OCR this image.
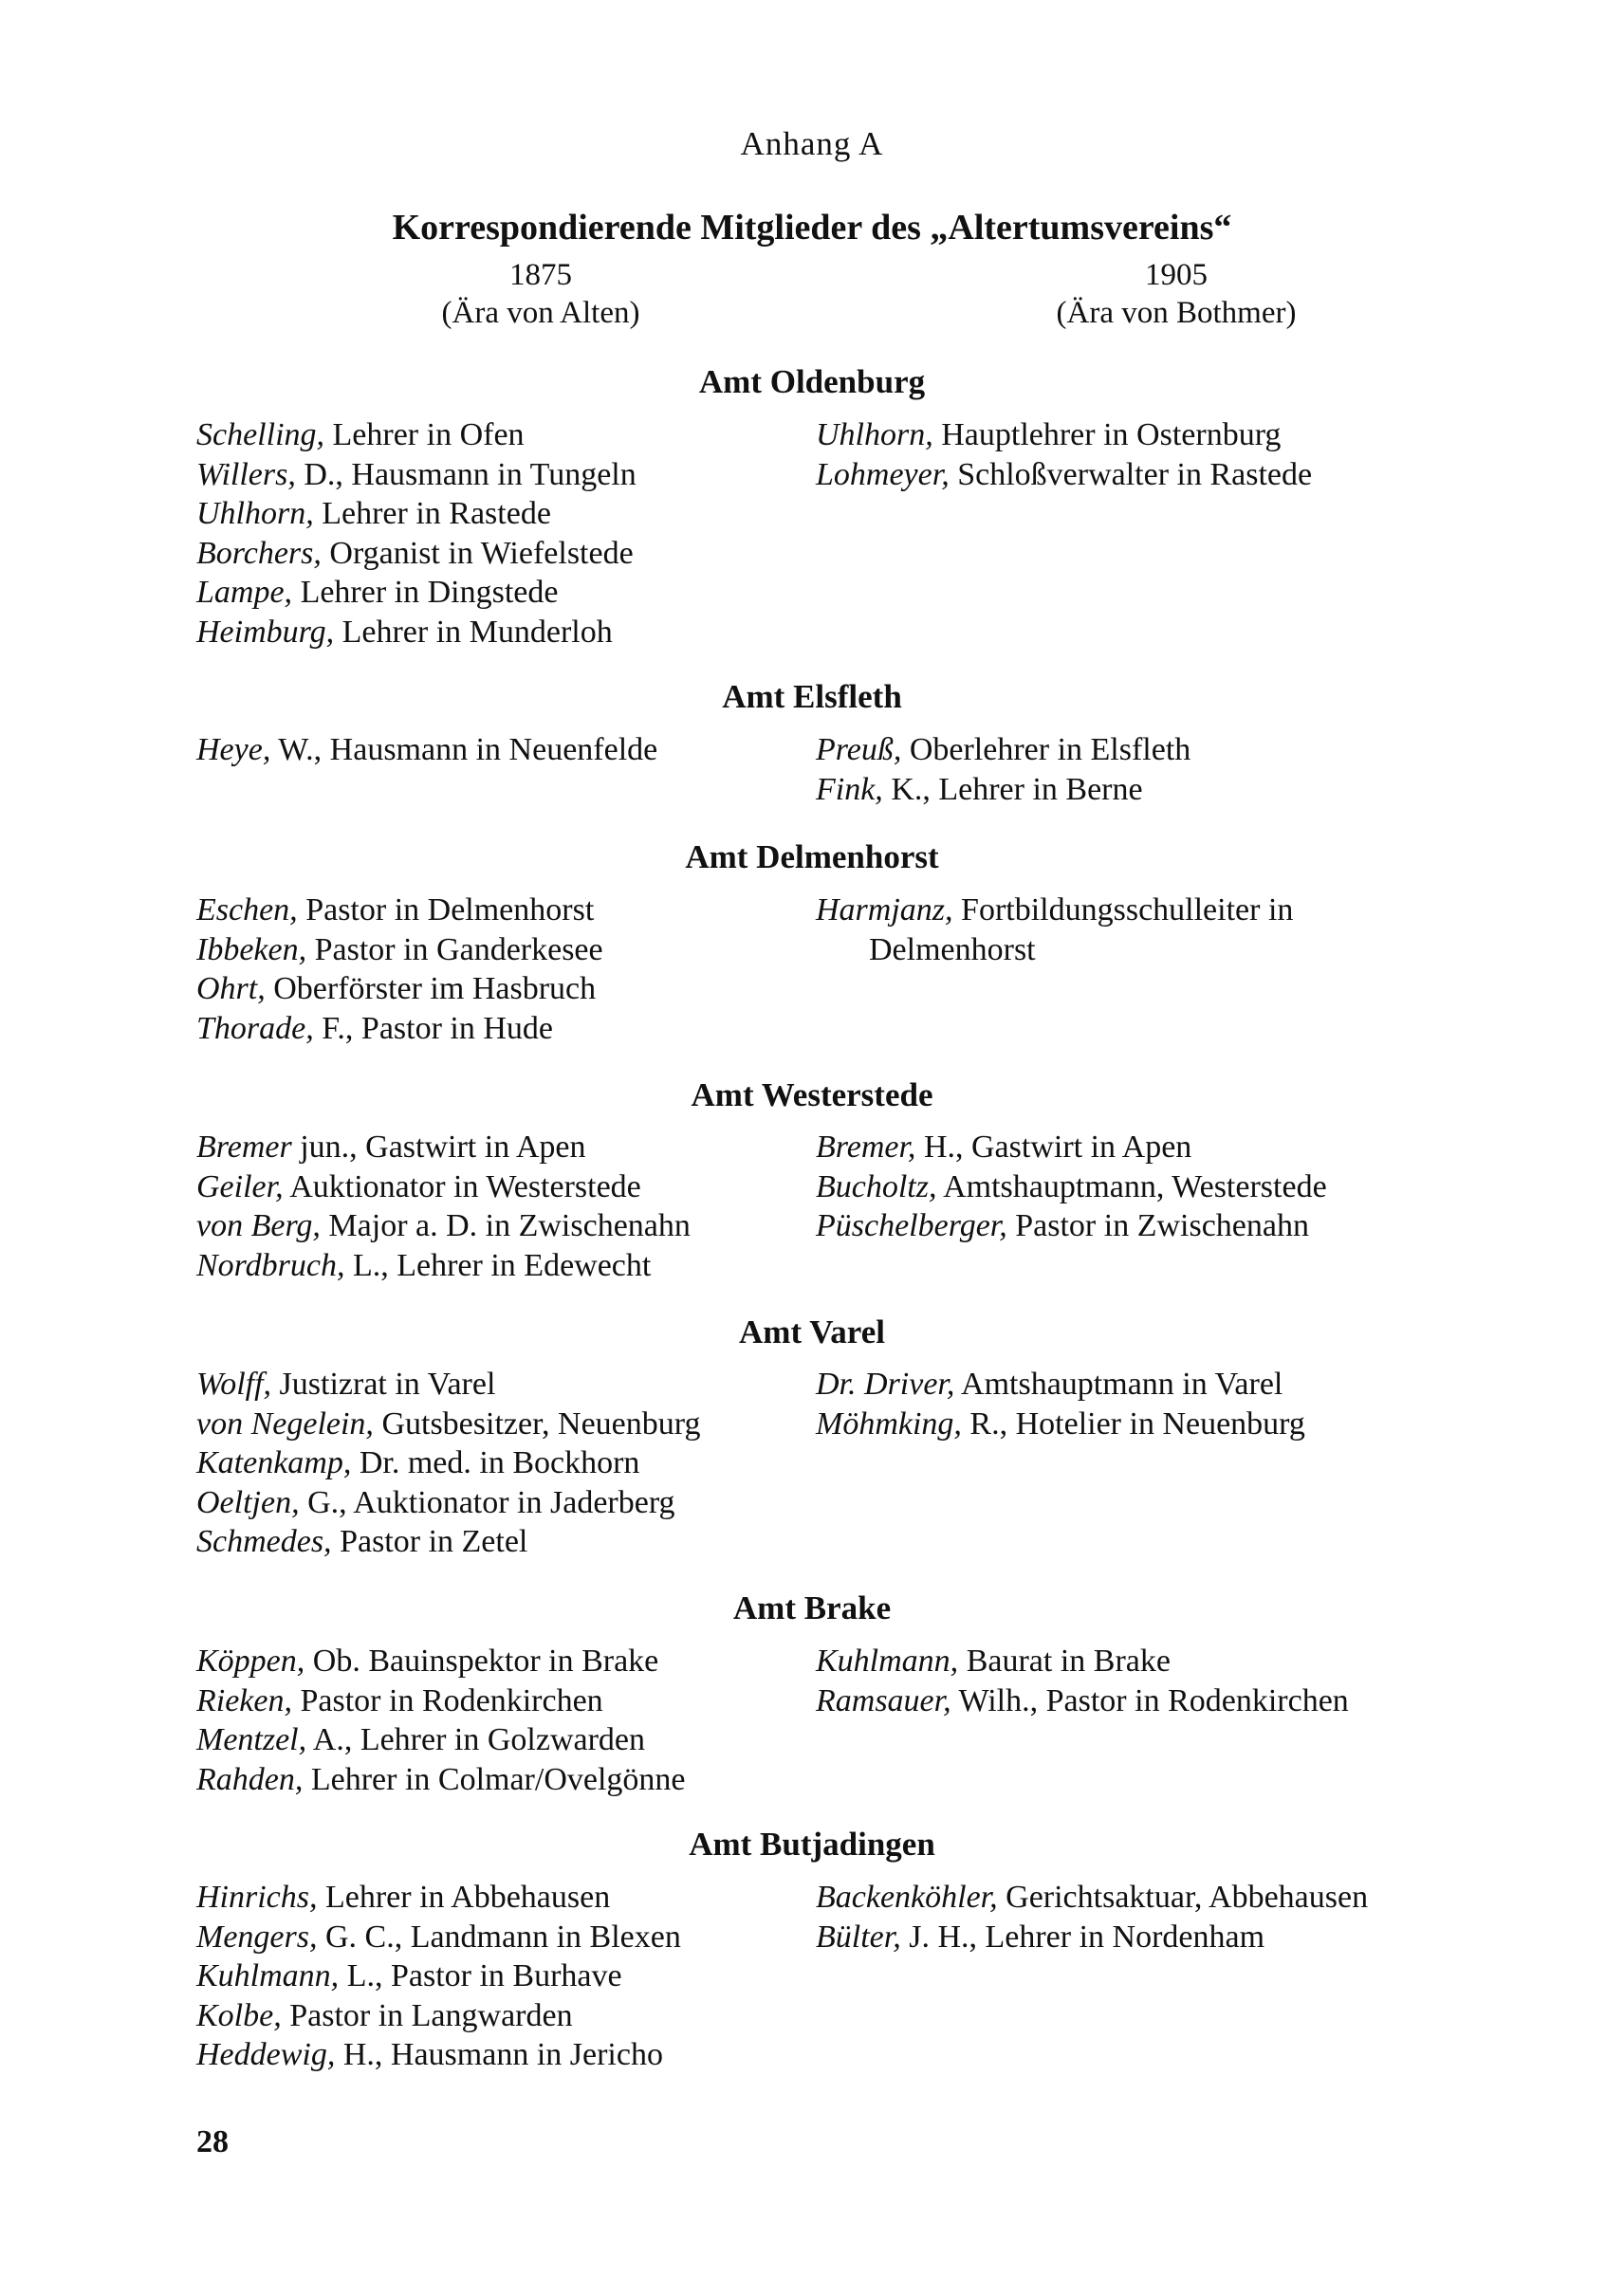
Anhang A
Korrespondierende Mitglieder des „Altertumsvereins“
1875
(Ära von Alten)
1905
(Ära von Bothmer)
Amt Oldenburg
Schelling, Lehrer in Ofen
Willers, D., Hausmann in Tungeln
Uhlhorn, Lehrer in Rastede
Borchers, Organist in Wiefelstede
Lampe, Lehrer in Dingstede
Heimburg, Lehrer in Munderloh
Uhlhorn, Hauptlehrer in Osternburg
Lohmeyer, Schloßverwalter in Rastede
Amt Elsfleth
Heye, W., Hausmann in Neuenfelde	Preuß, Oberlehrer in Elsfleth
Fink, K., Lehrer in Berne
Amt Delmenhorst
Eschen, Pastor in Delmenhorst
Ibbeken, Pastor in Ganderkesee
Ohrt, Oberförster im Hasbruch
Thorade, F., Pastor in Hude
Harmjanz, Fortbildungsschulleiter in
Delmenhorst
Amt Westerstede
Bremer jun., Gastwirt in Apen
Geiler, Auktionator in Westerstede
von Berg, Major a. D. in Zwischenahn
Nordbruch, L., Lehrer in Edewecht
Bremer, H., Gastwirt in Apen
Bucholtz, Amtshauptmann, Westerstede
Püschelberger, Pastor in Zwischenahn
Amt Varel
Wolff, Justizrat in Varel
von Negelein, Gutsbesitzer, Neuenburg
Katenkamp, Dr. med. in Bockhorn
Oeltjen, G., Auktionator in Jaderberg
Schmedes, Pastor in Zetel
Dr. Driver, Amtshauptmann in Varel
Möhmking, R., Hotelier in Neuenburg
Amt Brake
Köppen, Ob. Bauinspektor in Brake
Rieken, Pastor in Rodenkirchen
Mentzel, A., Lehrer in Golzwarden
Rahden, Lehrer in Colmar/Ovelgönne
Kuhlmann, Baurat in Brake
Ramsauer, Wilh., Pastor in Rodenkirchen
Amt Butjadingen
Hinrichs, Lehrer in Abbehausen
Mengers, G. C., Landmann in Blexen
Kuhlmann, L., Pastor in Burhave
Kolbe, Pastor in Langwarden
Heddewig, H., Hausmann in Jericho
Backenköhler, Gerichtsaktuar, Abbehausen
Bülter, J. H., Lehrer in Nordenham
28
